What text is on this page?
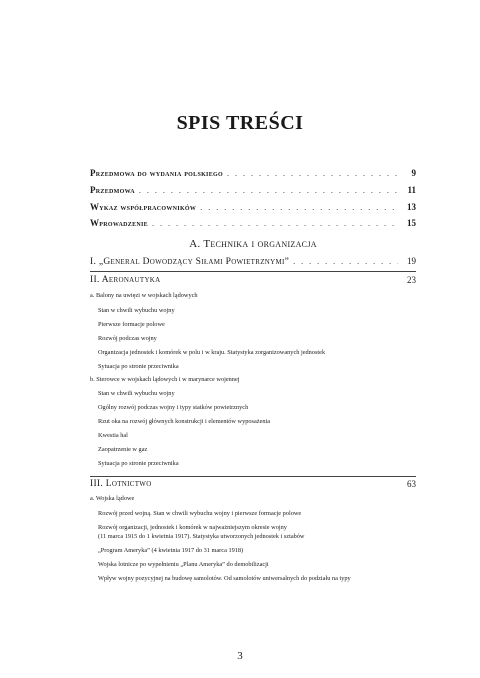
SPIS TREŚCI
Przedmowa do wydania polskiego . . .	9
Przedmowa . . .	11
Wykaz współpracowników . . .	13
Wprowadzenie . . .	15
A. Technika i organizacja
I. „General Dowodzący Siłami Powietrznymi” . . .	19
II. Aeronautyka	23
a. Balony na uwięzi w wojskach lądowych
Stan w chwili wybuchu wojny
Pierwsze formacje polowe
Rozwój podczas wojny
Organizacja jednostek i komórek w polu i w kraju. Statystyka zorganizowanych jednostek
Sytuacja po stronie przeciwnika
b. Sterowce w wojskach lądowych i w marynarce wojennej
Stan w chwili wybuchu wojny
Ogólny rozwój podczas wojny i typy statków powietrznych
Rzut oka na rozwój głównych konstrukcji i elementów wyposażenia
Kwestia hal
Zaopatrzenie w gaz
Sytuacja po stronie przeciwnika
III. Lotnictwo	63
a. Wojska lądowe
Rozwój przed wojną. Stan w chwili wybuchu wojny i pierwsze formacje polowe
Rozwój organizacji, jednostek i komórek w najważniejszym okresie wojny
(11 marca 1915 do 1 kwietnia 1917). Statystyka utworzonych jednostek i sztabów
„Program Ameryka” (4 kwietnia 1917 do 31 marca 1918)
Wojska lotnicze po wypełnieniu „Planu Ameryka” do demobilizacji
Wpływ wojny pozycyjnej na budowę samolotów. Od samolotów uniwersalnych do podziału na typy
3
